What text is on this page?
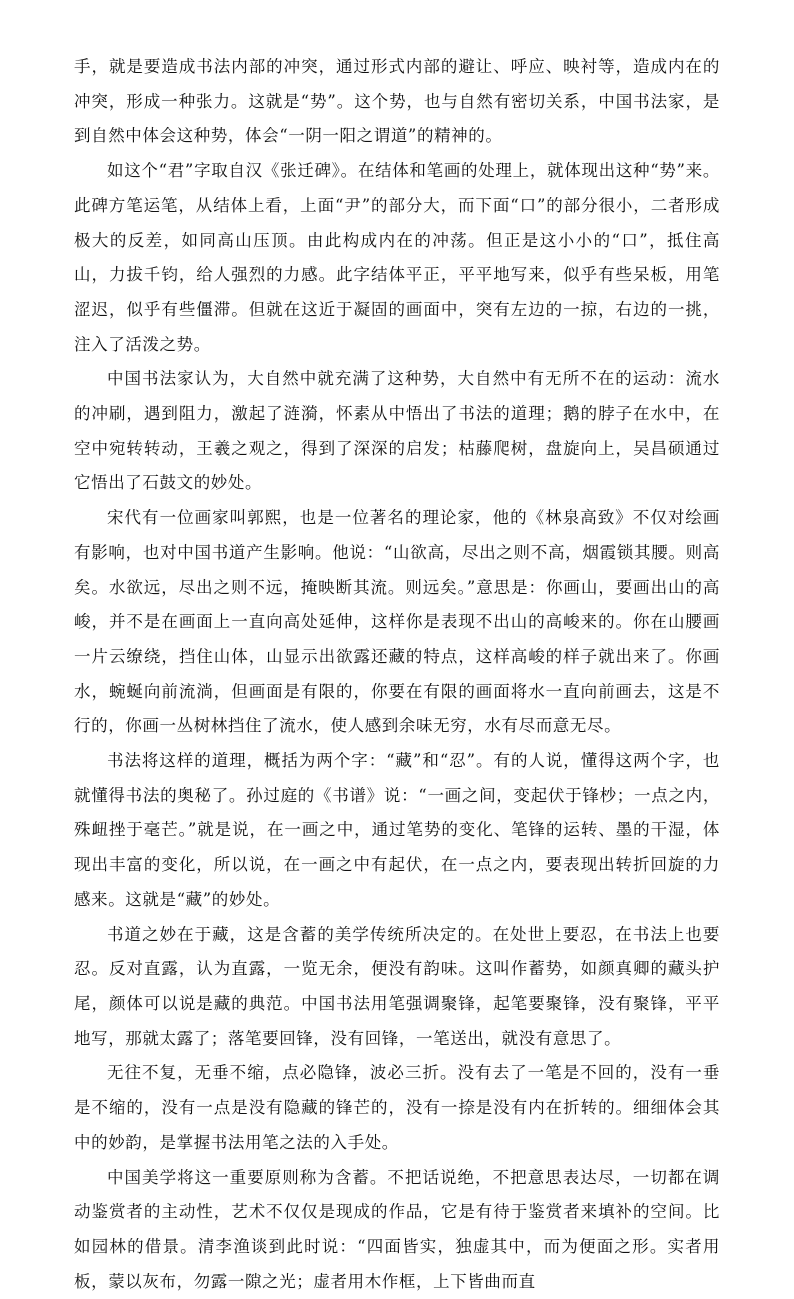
手，就是要造成书法内部的冲突，通过形式内部的避让、呼应、映衬等，造成内在的冲突，形成一种张力。这就是“势”。这个势，也与自然有密切关系，中国书法家，是到自然中体会这种势，体会“一阴一阳之谓道”的精神的。

如这个“君”字取自汉《张迁碑》。在结体和笔画的处理上，就体现出这种“势”来。此碑方笔运笔，从结体上看，上面“尹”的部分大，而下面“口”的部分很小，二者形成极大的反差，如同高山压顶。由此构成内在的冲荡。但正是这小小的“口”，抵住高山，力拔千钧，给人强烈的力感。此字结体平正，平平地写来，似乎有些呆板，用笔涩迟，似乎有些僵滞。但就在这近于凝固的画面中，突有左边的一掠，右边的一挑，注入了活泼之势。

中国书法家认为，大自然中就充满了这种势，大自然中有无所不在的运动：流水的冲刷，遇到阻力，激起了涟漪，怀素从中悟出了书法的道理；鹅的脖子在水中，在空中宛转转动，王羲之观之，得到了深深的启发；枯藤爬树，盘旋向上，吴昌硕通过它悟出了石鼓文的妙处。

宋代有一位画家叫郭熙，也是一位著名的理论家，他的《林泉高致》不仅对绘画有影响，也对中国书道产生影响。他说：“山欲高，尽出之则不高，烟霞锁其腰。则高矣。水欲远，尽出之则不远，掩映断其流。则远矣。”意思是：你画山，要画出山的高峻，并不是在画面上一直向高处延伸，这样你是表现不出山的高峻来的。你在山腰画一片云缭绕，挡住山体，山显示出欲露还藏的特点，这样高峻的样子就出来了。你画水，蜿蜒向前流淌，但画面是有限的，你要在有限的画面将水一直向前画去，这是不行的，你画一丛树林挡住了流水，使人感到余味无穷，水有尽而意无尽。

书法将这样的道理，概括为两个字：“藏”和“忍”。有的人说，懂得这两个字，也就懂得书法的奥秘了。孙过庭的《书谱》说：“一画之间，变起伏于锋杪；一点之内，殊衄挫于毫芒。”就是说，在一画之中，通过笔势的变化、笔锋的运转、墨的干湿，体现出丰富的变化，所以说，在一画之中有起伏，在一点之内，要表现出转折回旋的力感来。这就是“藏”的妙处。

书道之妙在于藏，这是含蓄的美学传统所决定的。在处世上要忍，在书法上也要忍。反对直露，认为直露，一览无余，便没有韵味。这叫作蓄势，如颜真卿的藏头护尾，颜体可以说是藏的典范。中国书法用笔强调聚锋，起笔要聚锋，没有聚锋，平平地写，那就太露了；落笔要回锋，没有回锋，一笔送出，就没有意思了。

无往不复，无垂不缩，点必隐锋，波必三折。没有去了一笔是不回的，没有一垂是不缩的，没有一点是没有隐藏的锋芒的，没有一捺是没有内在折转的。细细体会其中的妙韵，是掌握书法用笔之法的入手处。

中国美学将这一重要原则称为含蓄。不把话说绝，不把意思表达尽，一切都在调动鉴赏者的主动性，艺术不仅仅是现成的作品，它是有待于鉴赏者来填补的空间。比如园林的借景。清李渔谈到此时说：“四面皆实，独虚其中，而为便面之形。实者用板，蒙以灰布，勿露一隙之光；虚者用木作框，上下皆曲而直
